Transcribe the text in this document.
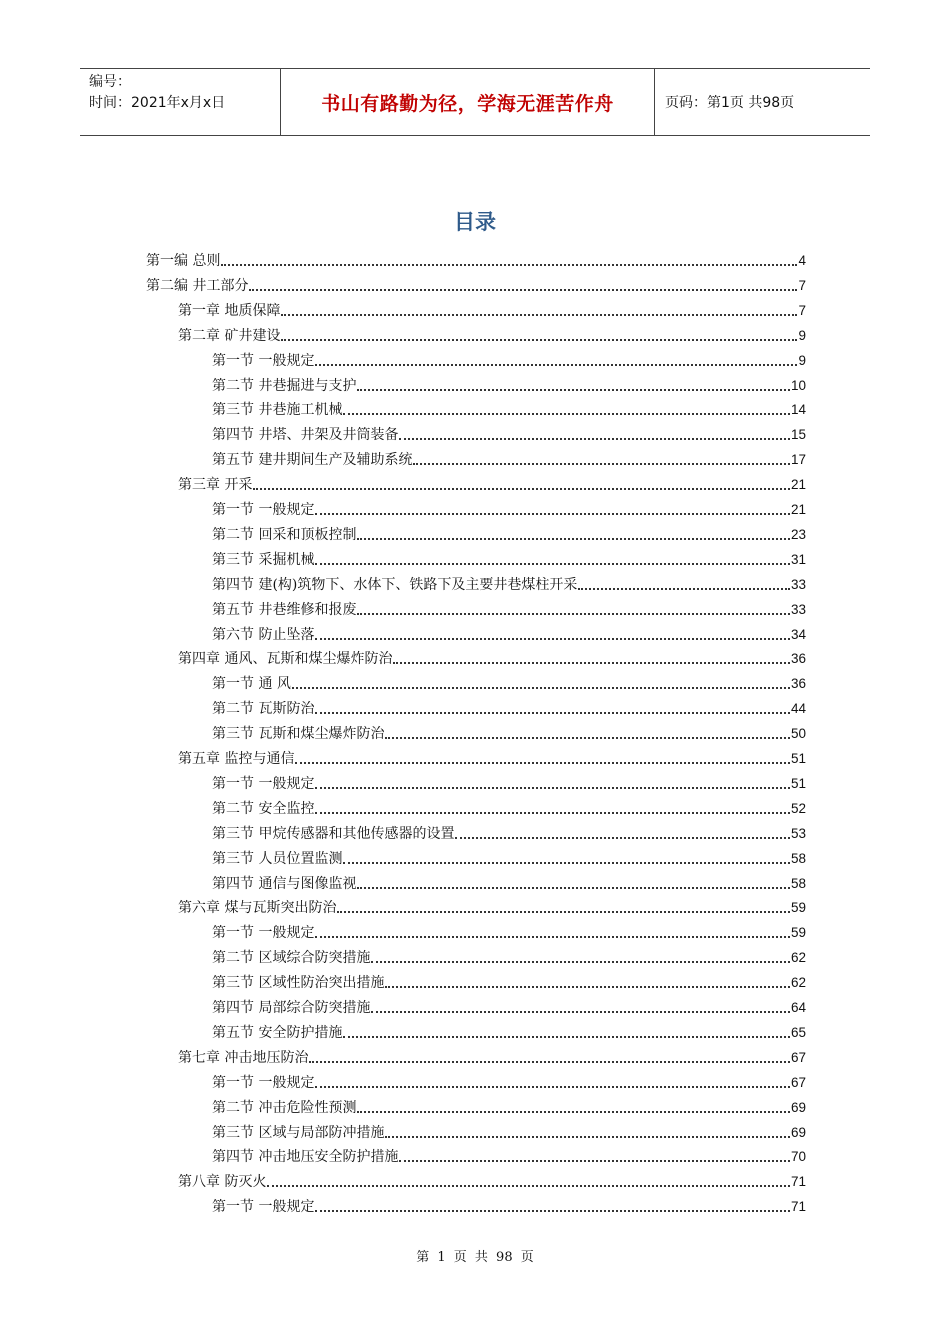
编号：
时间：2021年x月x日	书山有路勤为径，学海无涯苦作舟	页码：第1页 共98页
目录
第一编 总则	4
第二编 井工部分	7
第一章 地质保障	7
第二章 矿井建设	9
第一节 一般规定	9
第二节 井巷掘进与支护	10
第三节 井巷施工机械	14
第四节 井塔、井架及井筒装备	15
第五节 建井期间生产及辅助系统	17
第三章 开采	21
第一节 一般规定	21
第二节 回采和顶板控制	23
第三节 采掘机械	31
第四节 建(构)筑物下、水体下、铁路下及主要井巷煤柱开采	33
第五节 井巷维修和报废	33
第六节 防止坠落	34
第四章 通风、瓦斯和煤尘爆炸防治	36
第一节 通 风	36
第二节 瓦斯防治	44
第三节 瓦斯和煤尘爆炸防治	50
第五章 监控与通信	51
第一节 一般规定	51
第二节 安全监控	52
第三节 甲烷传感器和其他传感器的设置	53
第三节 人员位置监测	58
第四节 通信与图像监视	58
第六章 煤与瓦斯突出防治	59
第一节 一般规定	59
第二节 区域综合防突措施	62
第三节 区域性防治突出措施	62
第四节 局部综合防突措施	64
第五节 安全防护措施	65
第七章 冲击地压防治	67
第一节 一般规定	67
第二节 冲击危险性预测	69
第三节 区域与局部防冲措施	69
第四节 冲击地压安全防护措施	70
第八章 防灭火	71
第一节 一般规定	71
第 1 页 共 98 页
